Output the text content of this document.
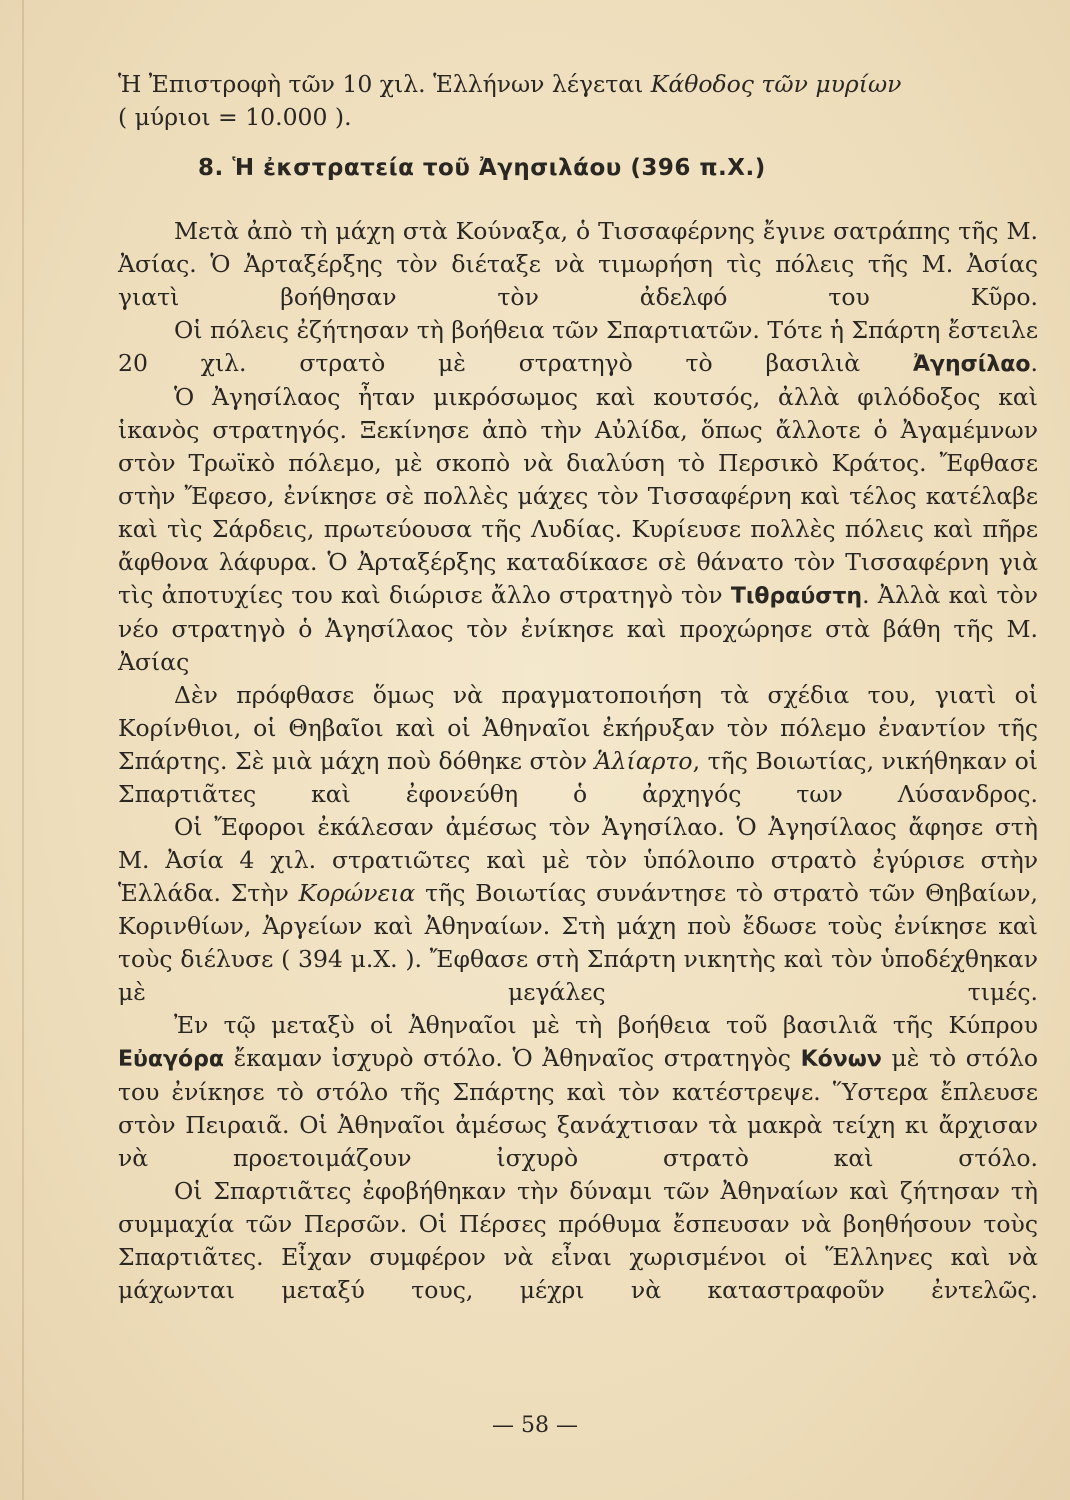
Ἡ Ἐπιστροφὴ τῶν 10 χιλ. Ἑλλήνων λέγεται Κάθοδος τῶν μυρίων
( μύριοι = 10.000 ).

8. Ἡ ἐκστρατεία τοῦ Ἀγησιλάου (396 π.Χ.)

Μετὰ ἀπὸ τὴ μάχη στὰ Κούναξα, ὁ Τισσαφέρνης ἔγινε σατράπης τῆς Μ. Ἀσίας. Ὁ Ἀρταξέρξης τὸν διέταξε νὰ τιμωρήση τὶς πόλεις τῆς Μ. Ἀσίας γιατὶ βοήθησαν τὸν ἀδελφό του Κῦρο.

Οἱ πόλεις ἐζήτησαν τὴ βοήθεια τῶν Σπαρτιατῶν. Τότε ἡ Σπάρτη ἔστειλε 20 χιλ. στρατὸ μὲ στρατηγὸ τὸ βασιλιὰ Ἀγησίλαο.

Ὁ Ἀγησίλαος ἦταν μικρόσωμος καὶ κουτσός, ἀλλὰ φιλόδοξος καὶ ἱκανὸς στρατηγός. Ξεκίνησε ἀπὸ τὴν Αὐλίδα, ὅπως ἄλλοτε ὁ Ἀγαμέμνων στὸν Τρωϊκὸ πόλεμο, μὲ σκοπὸ νὰ διαλύση τὸ Περσικὸ Κράτος. Ἔφθασε στὴν Ἔφεσο, ἐνίκησε σὲ πολλὲς μάχες τὸν Τισσαφέρνη καὶ τέλος κατέλαβε καὶ τὶς Σάρδεις, πρωτεύουσα τῆς Λυδίας. Κυρίευσε πολλὲς πόλεις καὶ πῆρε ἄφθονα λάφυρα. Ὁ Ἀρταξέρξης καταδίκασε σὲ θάνατο τὸν Τισσαφέρνη γιὰ τὶς ἀποτυχίες του καὶ διώρισε ἄλλο στρατηγὸ τὸν Τιθραύστη. Ἀλλὰ καὶ τὸν νέο στρατηγὸ ὁ Ἀγησίλαος τὸν ἐνίκησε καὶ προχώρησε στὰ βάθη τῆς Μ. Ἀσίας

Δὲν πρόφθασε ὅμως νὰ πραγματοποιήση τὰ σχέδια του, γιατὶ οἱ Κορίνθιοι, οἱ Θηβαῖοι καὶ οἱ Ἀθηναῖοι ἐκήρυξαν τὸν πόλεμο ἐναντίον τῆς Σπάρτης. Σὲ μιὰ μάχη ποὺ δόθηκε στὸν Ἁλίαρτο, τῆς Βοιωτίας, νικήθηκαν οἱ Σπαρτιᾶτες καὶ ἐφονεύθη ὁ ἀρχηγός των Λύσανδρος.

Οἱ Ἔφοροι ἐκάλεσαν ἀμέσως τὸν Ἀγησίλαο. Ὁ Ἀγησίλαος ἄφησε στὴ Μ. Ἀσία 4 χιλ. στρατιῶτες καὶ μὲ τὸν ὑπόλοιπο στρατὸ ἐγύρισε στὴν Ἑλλάδα. Στὴν Κορώνεια τῆς Βοιωτίας συνάντησε τὸ στρατὸ τῶν Θηβαίων, Κορινθίων, Ἀργείων καὶ Ἀθηναίων. Στὴ μάχη ποὺ ἔδωσε τοὺς ἐνίκησε καὶ τοὺς διέλυσε ( 394 μ.Χ. ). Ἔφθασε στὴ Σπάρτη νικητὴς καὶ τὸν ὑποδέχθηκαν μὲ μεγάλες τιμές.

Ἐν τῷ μεταξὺ οἱ Ἀθηναῖοι μὲ τὴ βοήθεια τοῦ βασιλιᾶ τῆς Κύπρου Εὐαγόρα ἔκαμαν ἰσχυρὸ στόλο. Ὁ Ἀθηναῖος στρατηγὸς Κόνων μὲ τὸ στόλο του ἐνίκησε τὸ στόλο τῆς Σπάρτης καὶ τὸν κατέστρεψε. Ὕστερα ἔπλευσε στὸν Πειραιᾶ. Οἱ Ἀθηναῖοι ἀμέσως ξανάχτισαν τὰ μακρὰ τείχη κι ἄρχισαν νὰ προετοιμάζουν ἰσχυρὸ στρατὸ καὶ στόλο.

Οἱ Σπαρτιᾶτες ἐφοβήθηκαν τὴν δύναμι τῶν Ἀθηναίων καὶ ζήτησαν τὴ συμμαχία τῶν Περσῶν. Οἱ Πέρσες πρόθυμα ἔσπευσαν νὰ βοηθήσουν τοὺς Σπαρτιᾶτες. Εἶχαν συμφέρον νὰ εἶναι χωρισμένοι οἱ Ἕλληνες καὶ νὰ μάχωνται μεταξύ τους, μέχρι νὰ καταστραφοῦν ἐντελῶς.

— 58 —
